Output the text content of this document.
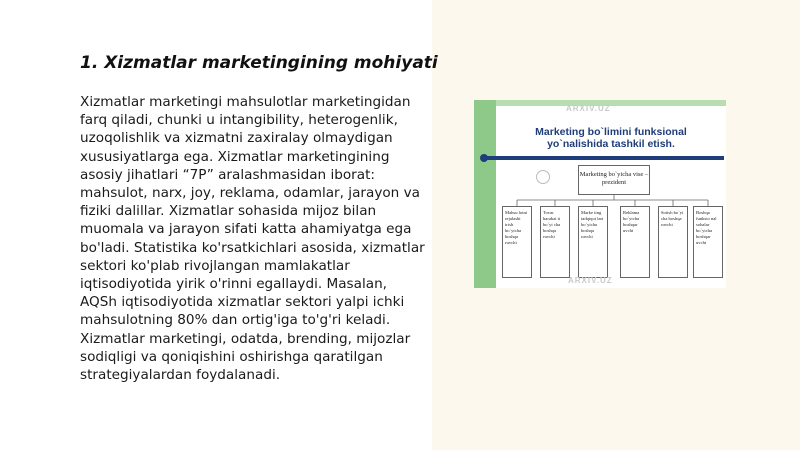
1. Xizmatlar marketingining mohiyati

Xizmatlar marketingi mahsulotlar marketingidan farq qiladi, chunki u intangibility, heterogenlik, uzoqolishlik va xizmatni zaxiralay olmaydigan xususiyatlarga ega. Xizmatlar marketingining asosiy jihatlari “7P” aralashmasidan iborat: mahsulot, narx, joy, reklama, odamlar, jarayon va fiziki dalillar. Xizmatlar sohasida mijoz bilan muomala va jarayon sifati katta ahamiyatga ega bo'ladi. Statistika ko'rsatkichlari asosida, xizmatlar sektori ko'plab rivojlangan mamlakatlar iqtisodiyotida yirik o'rinni egallaydi. Masalan, AQSh iqtisodiyotida xizmatlar sektori yalpi ichki mahsulotning 80% dan ortig'iga to'g'ri keladi. Xizmatlar marketingi, odatda, brending, mijozlar sodiqligi va qoniqishini oshirishga qaratilgan strategiyalardan foydalanadi.

ARXIV.UZ
Marketing bo`limini funksional
yo`nalishida tashkil etish.
Marketing bo`yicha vise – prezident
Mahsu lotni rejalasht irish bo`yicha boshqa ruvchi
Tovar harakat ti bo`yi cha boshqa ruvchi
Marke ting tadqiqot lari bo`yicha boshqa ruvchi
Reklama bo`yicha boshqar uvchi
Sotish bo`yi cha boshqa ruvchi
Boshqa funksio nal sohalar bo`yicha boshqar uvchi
ARXIV.UZ
